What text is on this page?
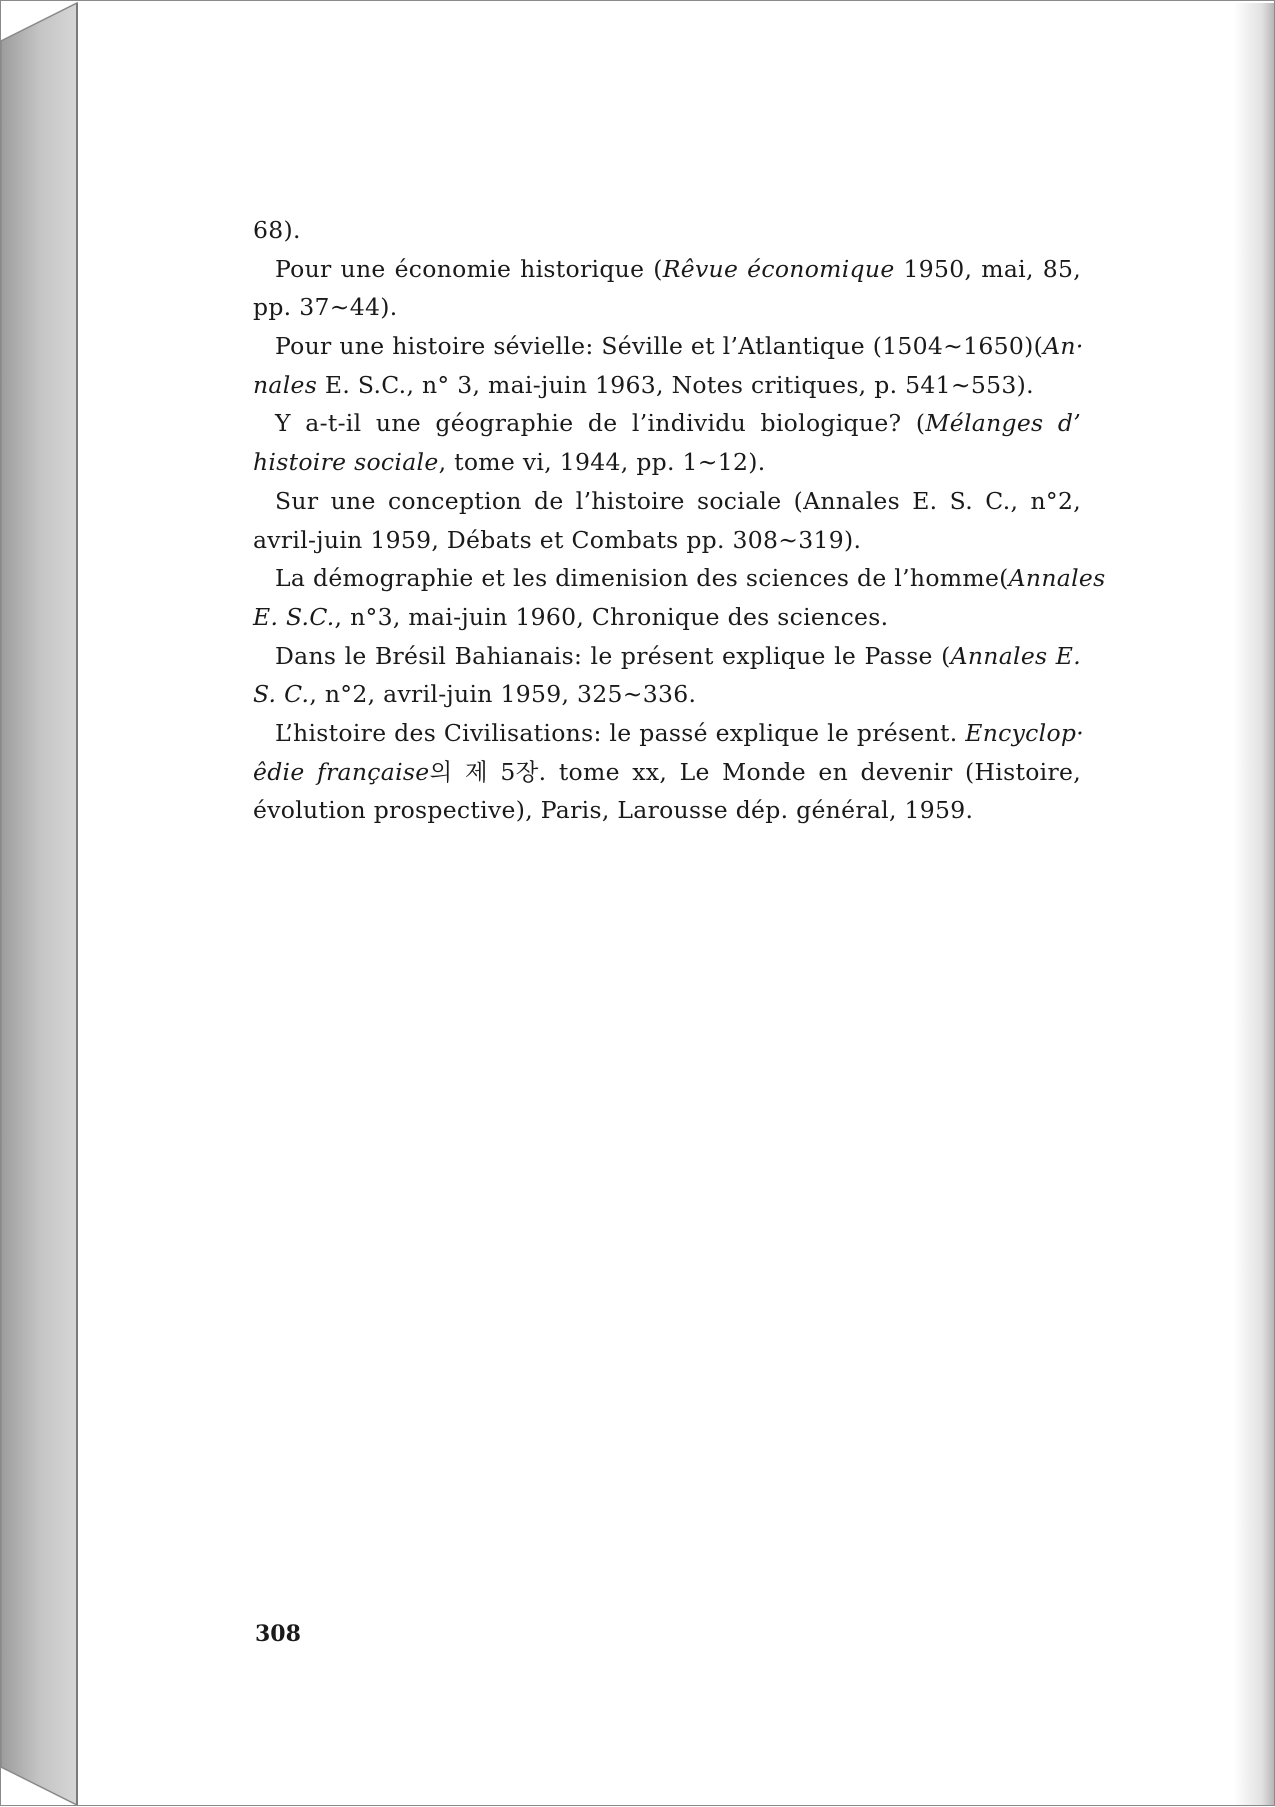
68).
Pour une économie historique (Rêvue économique 1950, mai, 85,
pp. 37∼44).
Pour une histoire sévielle: Séville et l’Atlantique (1504∼1650)(An·
nales E. S.C., n° 3, mai-juin 1963, Notes critiques, p. 541∼553).
Y a-t-il une géographie de l’individu biologique? (Mélanges d’
histoire sociale, tome vi, 1944, pp. 1∼12).
Sur une conception de l’histoire sociale (Annales E. S. C., n°2,
avril-juin 1959, Débats et Combats pp. 308∼319).
La démographie et les dimenision des sciences de l’homme(Annales
E. S.C., n°3, mai-juin 1960, Chronique des sciences.
Dans le Brésil Bahianais: le présent explique le Passe (Annales E.
S. C., n°2, avril-juin 1959, 325∼336.
L’histoire des Civilisations: le passé explique le présent. Encyclop·
êdie française의 제 5장. tome xx, Le Monde en devenir (Histoire,
évolution prospective), Paris, Larousse dép. général, 1959.
308
